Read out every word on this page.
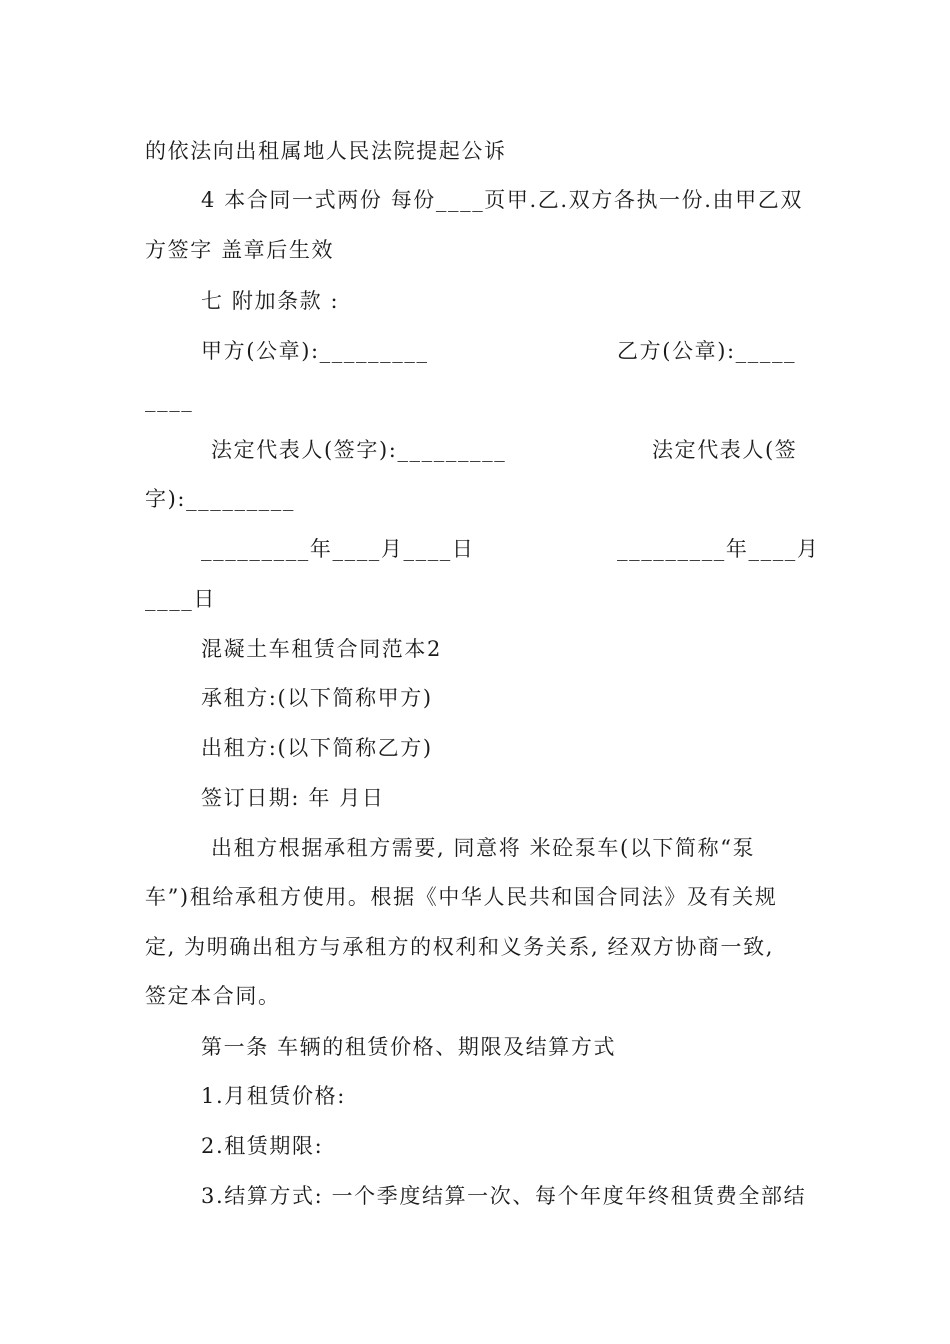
的依法向出租属地人民法院提起公诉
4 本合同一式两份 每份____页甲.乙.双方各执一份.由甲乙双
方签字 盖章后生效
七 附加条款 :
甲方(公章):_________	乙方(公章):_____
____
法定代表人(签字):_________	法定代表人(签
字):_________
_________年____月____日	_________年____月
____日
混凝土车租赁合同范本2
承租方:(以下简称甲方)
出租方:(以下简称乙方)
签订日期: 年 月日
出租方根据承租方需要, 同意将 米砼泵车(以下简称“泵
车”)租给承租方使用。根据《中华人民共和国合同法》及有关规
定, 为明确出租方与承租方的权利和义务关系, 经双方协商一致,
签定本合同。
第一条 车辆的租赁价格、期限及结算方式
1.月租赁价格:
2.租赁期限:
3.结算方式: 一个季度结算一次、每个年度年终租赁费全部结
